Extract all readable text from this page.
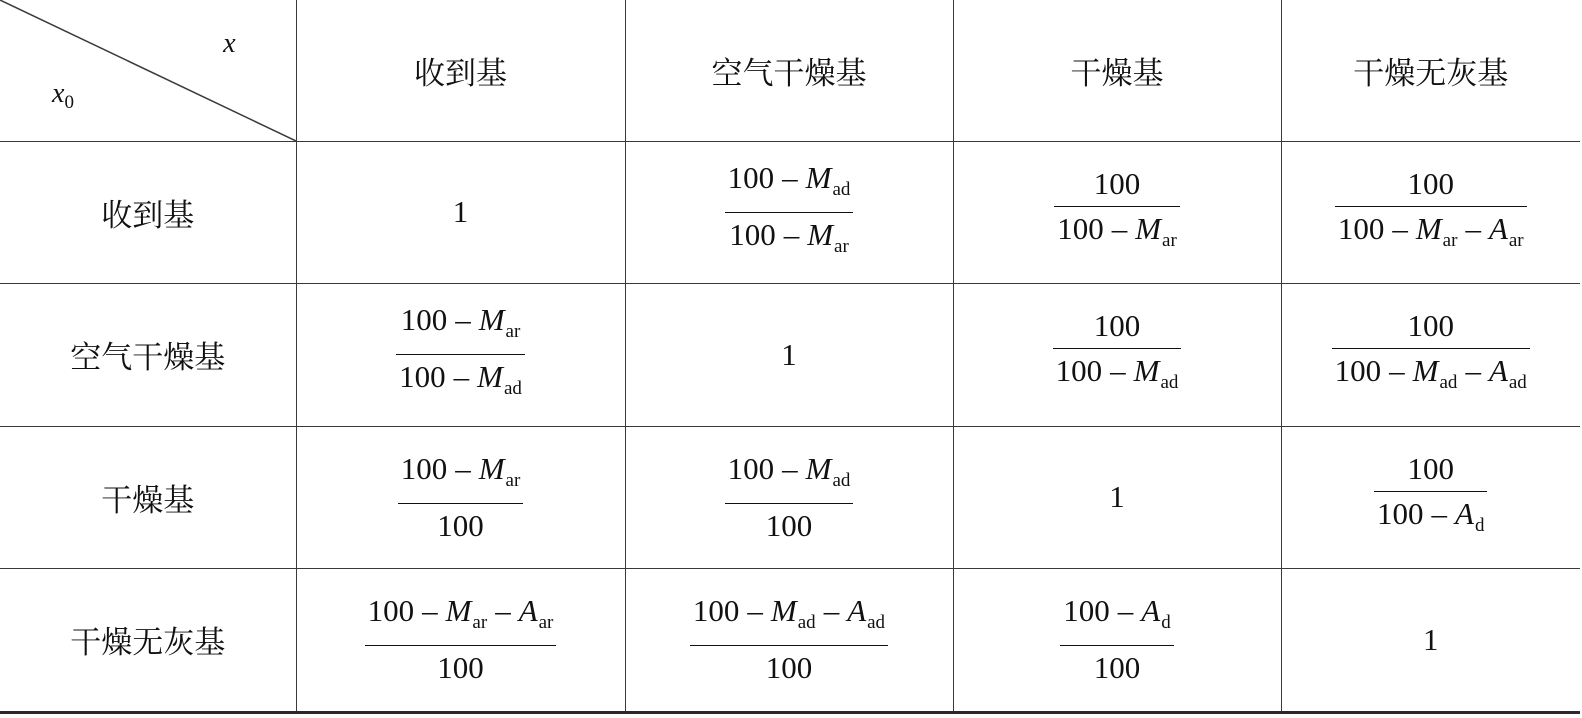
x
$x_0$	收到基	空气干燥基	干燥基	干燥无灰基
收到基	1	$\frac{100 - M_{ad}}{100 - M_{ar}}$	$\frac{100}{100 - M_{ar}}$	$\frac{100}{100 - M_{ar} - A_{ar}}$

空气干燥基	$\frac{100 - M_{ar}}{100 - M_{ad}}$	1	$\frac{100}{100 - M_{ad}}$	$\frac{100}{100 - M_{ad} - A_{ad}}$

干燥基	$\frac{100 - M_{ar}}{100}$	$\frac{100 - M_{ad}}{100}$	1	$\frac{100}{100 - A_d}$

干燥无灰基	$\frac{100 - M_{ar} - A_{ar}}{100}$	$\frac{100 - M_{ad} - A_{ad}}{100}$	$\frac{100 - A_d}{100}$	1
